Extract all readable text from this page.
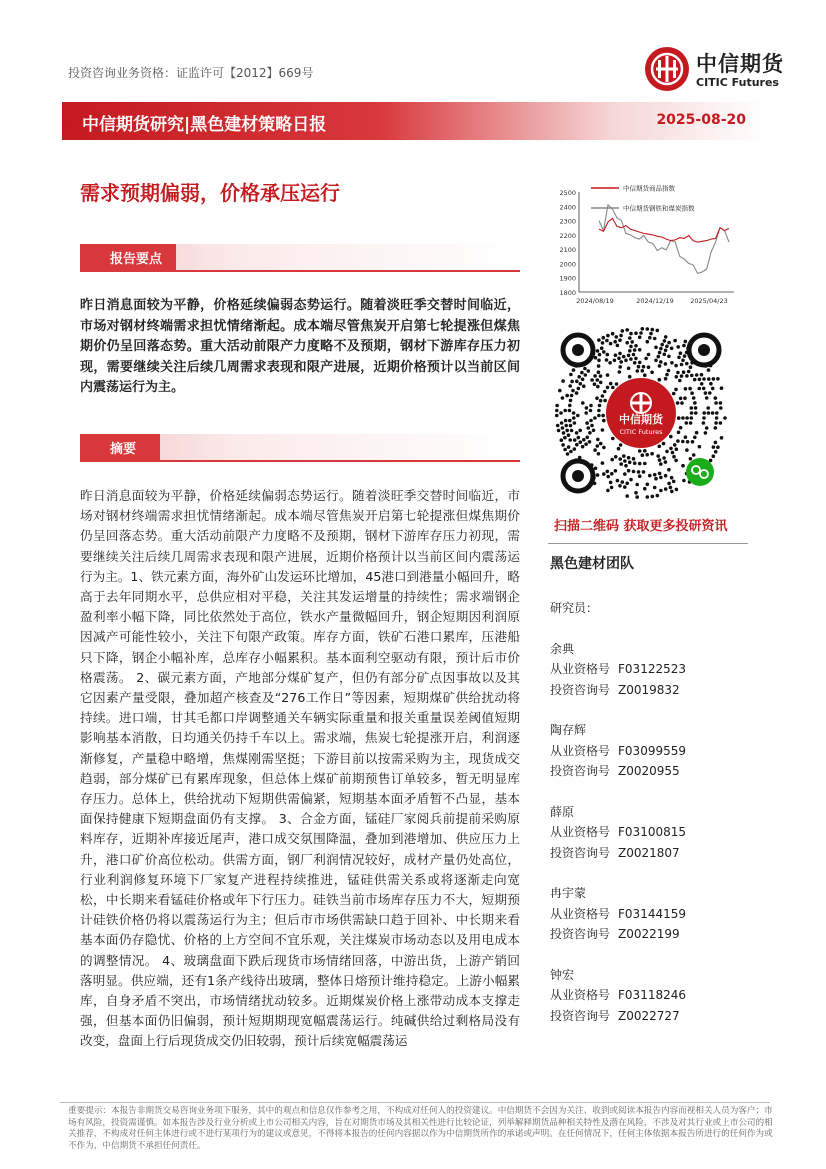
投资咨询业务资格：证监许可【2012】669号	中信期货
CITIC Futures
中信期货研究|黑色建材策略日报	2025-08-20
需求预期偏弱，价格承压运行
报告要点
昨日消息面较为平静，价格延续偏弱态势运行。随着淡旺季交替时间临近，市场对钢材终端需求担忧情绪渐起。成本端尽管焦炭开启第七轮提涨但煤焦期价仍呈回落态势。重大活动前限产力度略不及预期，钢材下游库存压力初现，需要继续关注后续几周需求表现和限产进展，近期价格预计以当前区间内震荡运行为主。
摘要
昨日消息面较为平静，价格延续偏弱态势运行。随着淡旺季交替时间临近，市场对钢材终端需求担忧情绪渐起。成本端尽管焦炭开启第七轮提涨但煤焦期价仍呈回落态势。重大活动前限产力度略不及预期，钢材下游库存压力初现，需要继续关注后续几周需求表现和限产进展，近期价格预计以当前区间内震荡运行为主。1、铁元素方面，海外矿山发运环比增加，45港口到港量小幅回升，略高于去年同期水平，总供应相对平稳，关注其发运增量的持续性；需求端钢企盈利率小幅下降，同比依然处于高位，铁水产量微幅回升，钢企短期因利润原因减产可能性较小，关注下旬限产政策。库存方面，铁矿石港口累库，压港船只下降，钢企小幅补库，总库存小幅累积。基本面利空驱动有限，预计后市价格震荡。 2、碳元素方面，产地部分煤矿复产，但仍有部分矿点因事故以及其它因素产量受限，叠加超产核查及“276工作日”等因素，短期煤矿供给扰动将持续。进口端，甘其毛都口岸调整通关车辆实际重量和报关重量误差阈值短期影响基本消散，日均通关仍持千车以上。需求端，焦炭七轮提涨开启，利润逐渐修复，产量稳中略增，焦煤刚需坚挺；下游目前以按需采购为主，现货成交趋弱，部分煤矿已有累库现象，但总体上煤矿前期预售订单较多，暂无明显库存压力。总体上，供给扰动下短期供需偏紧，短期基本面矛盾暂不凸显，基本面保持健康下短期盘面仍有支撑。 3、合金方面，锰硅厂家阅兵前提前采购原料库存，近期补库接近尾声，港口成交氛围降温，叠加到港增加、供应压力上升，港口矿价高位松动。供需方面，钢厂利润情况较好，成材产量仍处高位，行业利润修复环境下厂家复产进程持续推进，锰硅供需关系或将逐渐走向宽松，中长期来看锰硅价格或年下行压力。硅铁当前市场库存压力不大，短期预计硅铁价格仍将以震荡运行为主；但后市市场供需缺口趋于回补、中长期来看基本面仍存隐忧、价格的上方空间不宜乐观，关注煤炭市场动态以及用电成本的调整情况。 4、玻璃盘面下跌后现货市场情绪回落，中游出货，上游产销回落明显。供应端，还有1条产线待出玻璃，整体日熔预计维持稳定。上游小幅累库，自身矛盾不突出，市场情绪扰动较多。近期煤炭价格上涨带动成本支撑走强，但基本面仍旧偏弱，预计短期期现宽幅震荡运行。纯碱供给过剩格局没有改变，盘面上行后现货成交仍旧较弱，预计后续宽幅震荡运
2500
2400
2300
2200
2100
2000
1900
1800
2024/08/19	2024/12/19	2025/04/23
中信期货商品指数
中信期货钢铁和煤炭指数
中信期货
CITIC Futures
扫描二维码 获取更多投研资讯
黑色建材团队
研究员：
余典
从业资格号 F03122523
投资咨询号 Z0019832
陶存辉
从业资格号 F03099559
投资咨询号 Z0020955
薛原
从业资格号 F03100815
投资咨询号 Z0021807
冉宇蒙
从业资格号 F03144159
投资咨询号 Z0022199
钟宏
从业资格号 F03118246
投资咨询号 Z0022727
重要提示：本报告非期货交易咨询业务项下服务，其中的观点和信息仅作参考之用，不构成对任何人的投资建议。中信期货不会因为关注、收到或阅读本报告内容而视相关人员为客户；市场有风险，投资需谨慎。如本报告涉及行业分析或上市公司相关内容，旨在对期货市场及其相关性进行比较论证，列举解释期货品种相关特性及潜在风险，不涉及对其行业或上市公司的相关推荐，不构成对任何主体进行或不进行某项行为的建议或意见，不得将本报告的任何内容据以作为中信期货所作的承诺或声明。在任何情况下，任何主体依据本报告所进行的任何作为或不作为，中信期货不承担任何责任。
